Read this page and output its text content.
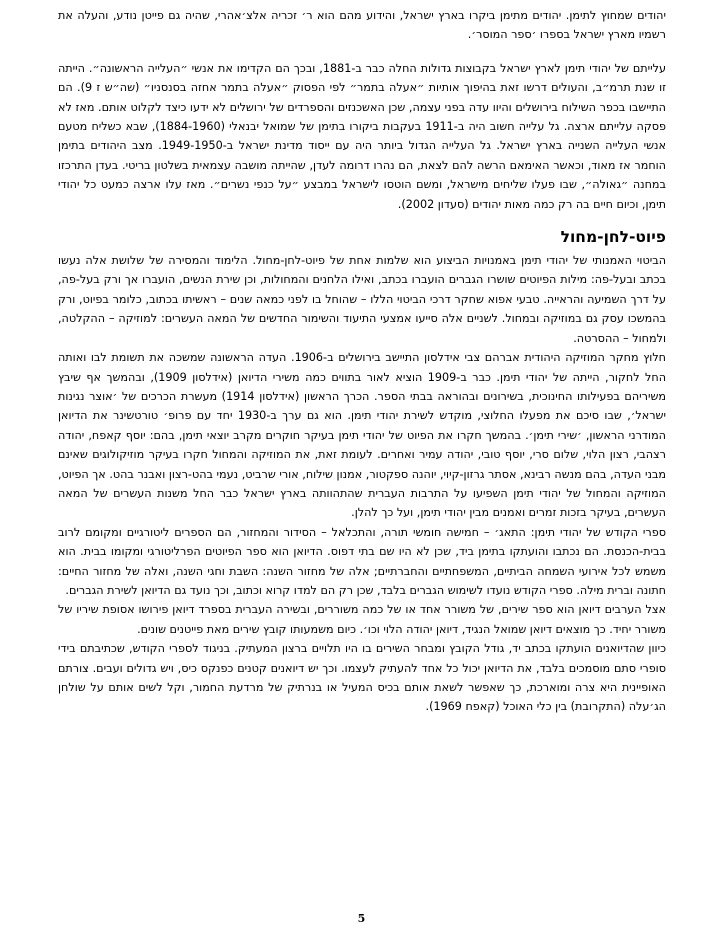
יהודים שמחוץ לתימן. יהודים מתימן ביקרו בארץ ישראל, והידוע מהם הוא ר׳ זכריה אלצ׳אהרי, שהיה גם פייטן נודע, והעלה את רשמיו מארץ ישראל בספרו ׳ספר המוסר׳.

עלייתם של יהודי תימן לארץ ישראל בקבוצות גדולות החלה כבר ב-1881, ובכך הם הקדימו את אנשי ״העלייה הראשונה״. הייתה זו שנת תרמ״ב, והעולים דרשו זאת בהיפוך אותיות ״אעלה בתמר״ לפי הפסוק ״אעלה בתמר אחזה בסנסניו״ (שה״ש ז 9). הם התיישבו בכפר השילוח בירושלים והיוו עדה בפני עצמה, שכן האשכנזים והספרדים של ירושלים לא ידעו כיצד לקלוט אותם. מאז לא פסקה עלייתם ארצה. גל עלייה חשוב היה ב-1911 בעקבות ביקורו בתימן של שמואל יבנאלי (1884-1960), שבא כשליח מטעם אנשי העלייה השנייה בארץ ישראל. גל העלייה הגדול ביותר היה עם ייסוד מדינת ישראל ב-1949-1950. מצב היהודים בתימן הוחמר אז מאוד, וכאשר האימאם הרשה להם לצאת, הם נהרו דרומה לעדן, שהייתה מושבה עצמאית בשלטון בריטי. בעדן התרכזו במחנה ״גאולה״, שבו פעלו שליחים מישראל, ומשם הוטסו לישראל במבצע ״על כנפי נשרים״. מאז עלו ארצה כמעט כל יהודי תימן, וכיום חיים בה רק כמה מאות יהודים (סעדון 2002).

פיוט-לחן-מחול

הביטוי האמנותי של יהודי תימן באמנויות הביצוע הוא שלמות אחת של פיוט-לחן-מחול. הלימוד והמסירה של שלושת אלה נעשו בכתב ובעל-פה: מילות הפיוטים שושרו הגברים הועברו בכתב, ואילו הלחנים והמחולות, וכן שירת הנשים, הועברו אך ורק בעל-פה, על דרך השמיעה והראייה. טבעי אפוא שחקר דרכי הביטוי הללו – שהוחל בו לפני כמאה שנים – ראשיתו בכתוב, כלומר בפיוט, ורק בהמשכו עסק גם במוזיקה ובמחול. לשניים אלה סייעו אמצעי התיעוד והשימור החדשים של המאה העשרים: למוזיקה – ההקלטה, ולמחול – ההסרטה.

חלוץ מחקר המוזיקה היהודית אברהם צבי אידלסון התיישב בירושלים ב-1906. העדה הראשונה שמשכה את תשומת לבו ואותה החל לחקור, הייתה של יהודי תימן. כבר ב-1909 הוציא לאור בתווים כמה משירי הדיואן (אידלסון 1909), ובהמשך אף שיבץ משיריהם בפעילותו החינוכית, בשירונים ובהוראה בבתי הספר. הכרך הראשון (אידלסון 1914) מעשרת הכרכים של ׳אוצר נגינות ישראל׳, שבו סיכם את מפעלו החלוצי, מוקדש לשירת יהודי תימן. הוא גם ערך ב-1930 יחד עם פרופ׳ טורטשינר את הדיואן המודרני הראשון, ׳שירי תימן׳. בהמשך חקרו את הפיוט של יהודי תימן בעיקר חוקרים מקרב יוצאי תימן, בהם: יוסף קאפח, יהודה רצהבי, רצון הלוי, שלום סרי, יוסף טובי, יהודה עמיר ואחרים. לעומת זאת, את המוזיקה והמחול חקרו בעיקר מוזיקולוגים שאינם מבני העדה, בהם מנשה רבינא, אסתר גרזון-קיוי, יוהנה ספקטור, אמנון שילוח, אורי שרביט, נעמי בהט-רצון ואבנר בהט. אך הפיוט, המוזיקה והמחול של יהודי תימן השפיעו על התרבות העברית שהתהוותה בארץ ישראל כבר החל משנות העשרים של המאה העשרים, בעיקר בזכות זמרים ואמנים מבין יהודי תימן, ועל כך להלן.

ספרי הקודש של יהודי תימן: התאג׳ – חמישה חומשי תורה, והתכלאל – הסידור והמחזור, הם הספרים ליטורגיים ומקומם לרוב בבית-הכנסת. הם נכתבו והועתקו בתימן ביד, שכן לא היו שם בתי דפוס. הדיואן הוא ספר הפיוטים הפרליטורגי ומקומו בבית. הוא משמש לכל אירועי השמחה הביתיים, המשפחתיים והחברתיים; אלה של מחזור השנה: השבת וחגי השנה, ואלה של מחזור החיים: חתונה וברית מילה. ספרי הקודש נועדו לשימוש הגברים בלבד, שכן רק הם למדו קרוא וכתוב, וכך נועד גם הדיואן לשירת הגברים.

אצל הערבים דיואן הוא ספר שירים, של משורר אחד או של כמה משוררים, ובשירה העברית בספרד דיואן פירושו אסופת שיריו של משורר יחיד. כך מוצאים דיואן שמואל הנגיד, דיואן יהודה הלוי וכו׳. כיום משמעותו קובץ שירים מאת פייטנים שונים.

כיוון שהדיואנים הועתקו בכתב יד, גודל הקובץ ומבחר השירים בו היו תלויים ברצון המעתיק. בניגוד לספרי הקודש, שכתיבתם בידי סופרי סתם מוסמכים בלבד, את הדיואן יכול כל אחד להעתיק לעצמו. וכך יש דיואנים קטנים כפנקס כיס, ויש גדולים ועבים. צורתם האופיינית היא צרה ומוארכת, כך שאפשר לשאת אותם בכיס המעיל או בנרתיק של מרדעת החמור, וקל לשים אותם על שולחן הג׳עלה (התקרובת) בין כלי האוכל (קאפח 1969).

5
